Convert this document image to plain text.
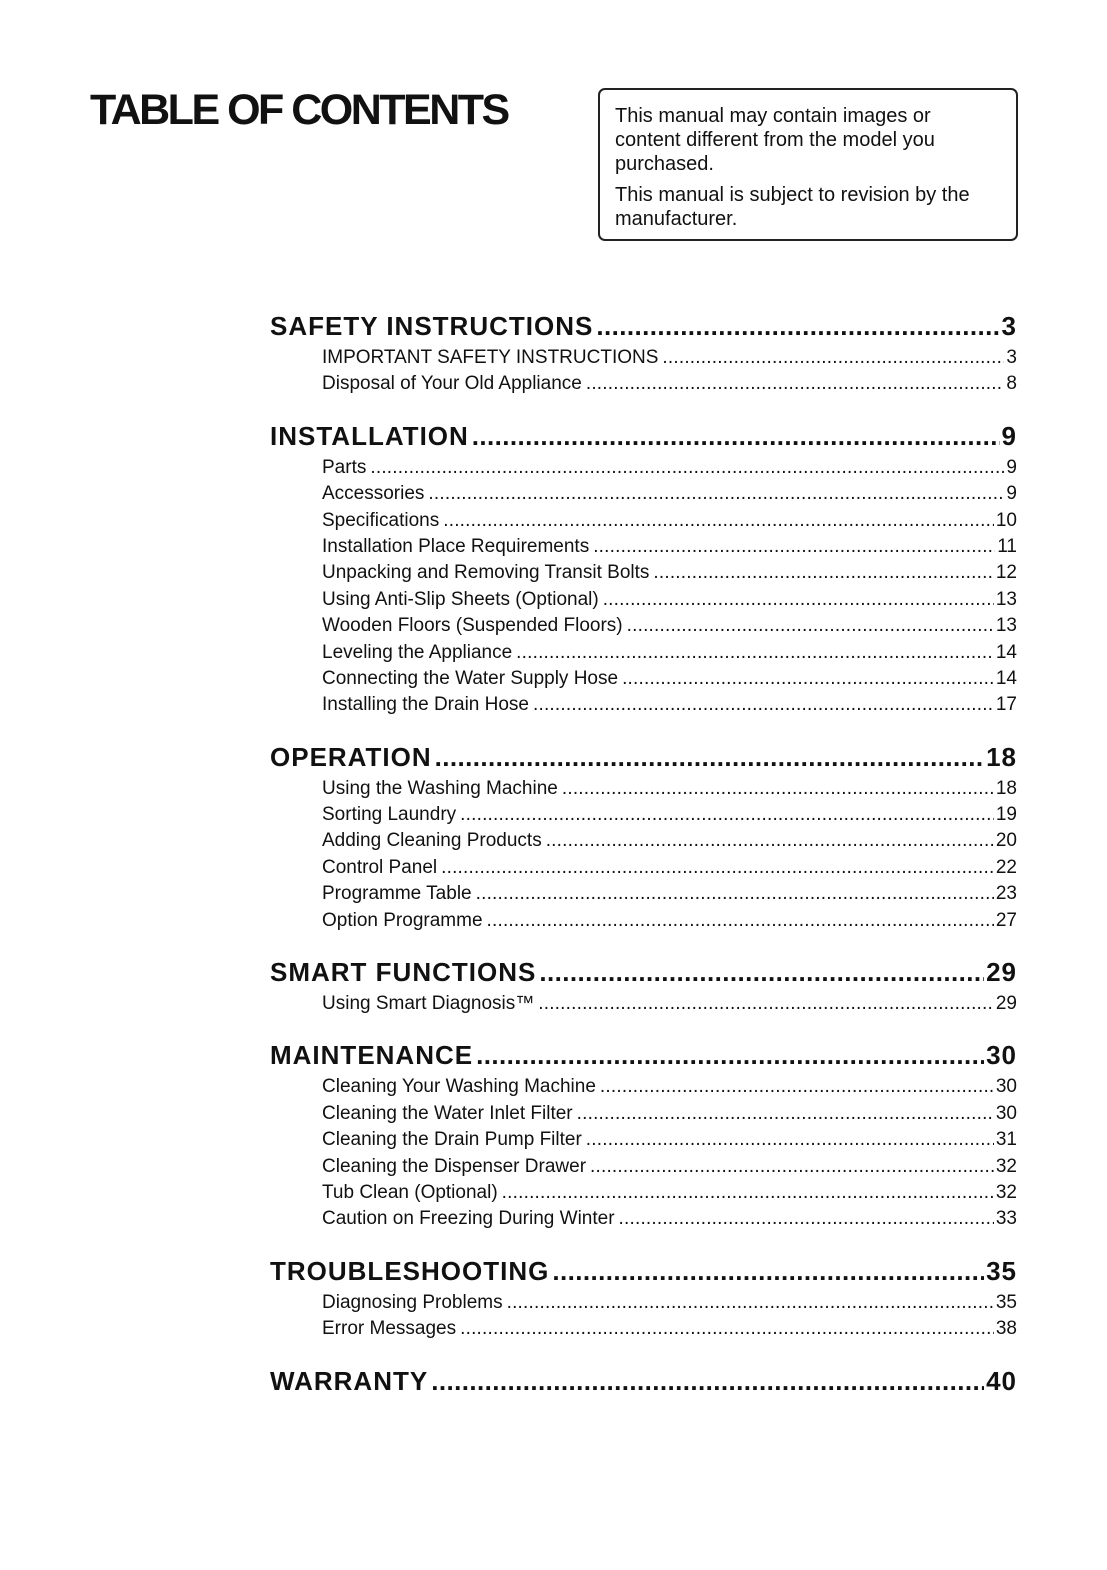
TABLE OF CONTENTS	This manual may contain images or content different from the model you purchased.

This manual is subject to revision by the manufacturer.

SAFETY INSTRUCTIONS .....	3
IMPORTANT SAFETY INSTRUCTIONS .....	3
Disposal of Your Old Appliance .....	8
INSTALLATION .....	9
Parts .....	9
Accessories .....	9
Specifications .....	10
Installation Place Requirements .....	11
Unpacking and Removing Transit Bolts .....	12
Using Anti-Slip Sheets (Optional) .....	13
Wooden Floors (Suspended Floors) .....	13
Leveling the Appliance .....	14
Connecting the Water Supply Hose .....	14
Installing the Drain Hose .....	17
OPERATION .....	18
Using the Washing Machine .....	18
Sorting Laundry .....	19
Adding Cleaning Products .....	20
Control Panel .....	22
Programme Table .....	23
Option Programme .....	27
SMART FUNCTIONS .....	29
Using Smart Diagnosis™ .....	29
MAINTENANCE .....	30
Cleaning Your Washing Machine .....	30
Cleaning the Water Inlet Filter .....	30
Cleaning the Drain Pump Filter .....	31
Cleaning the Dispenser Drawer .....	32
Tub Clean (Optional) .....	32
Caution on Freezing During Winter .....	33
TROUBLESHOOTING .....	35
Diagnosing Problems .....	35
Error Messages .....	38
WARRANTY .....	40
